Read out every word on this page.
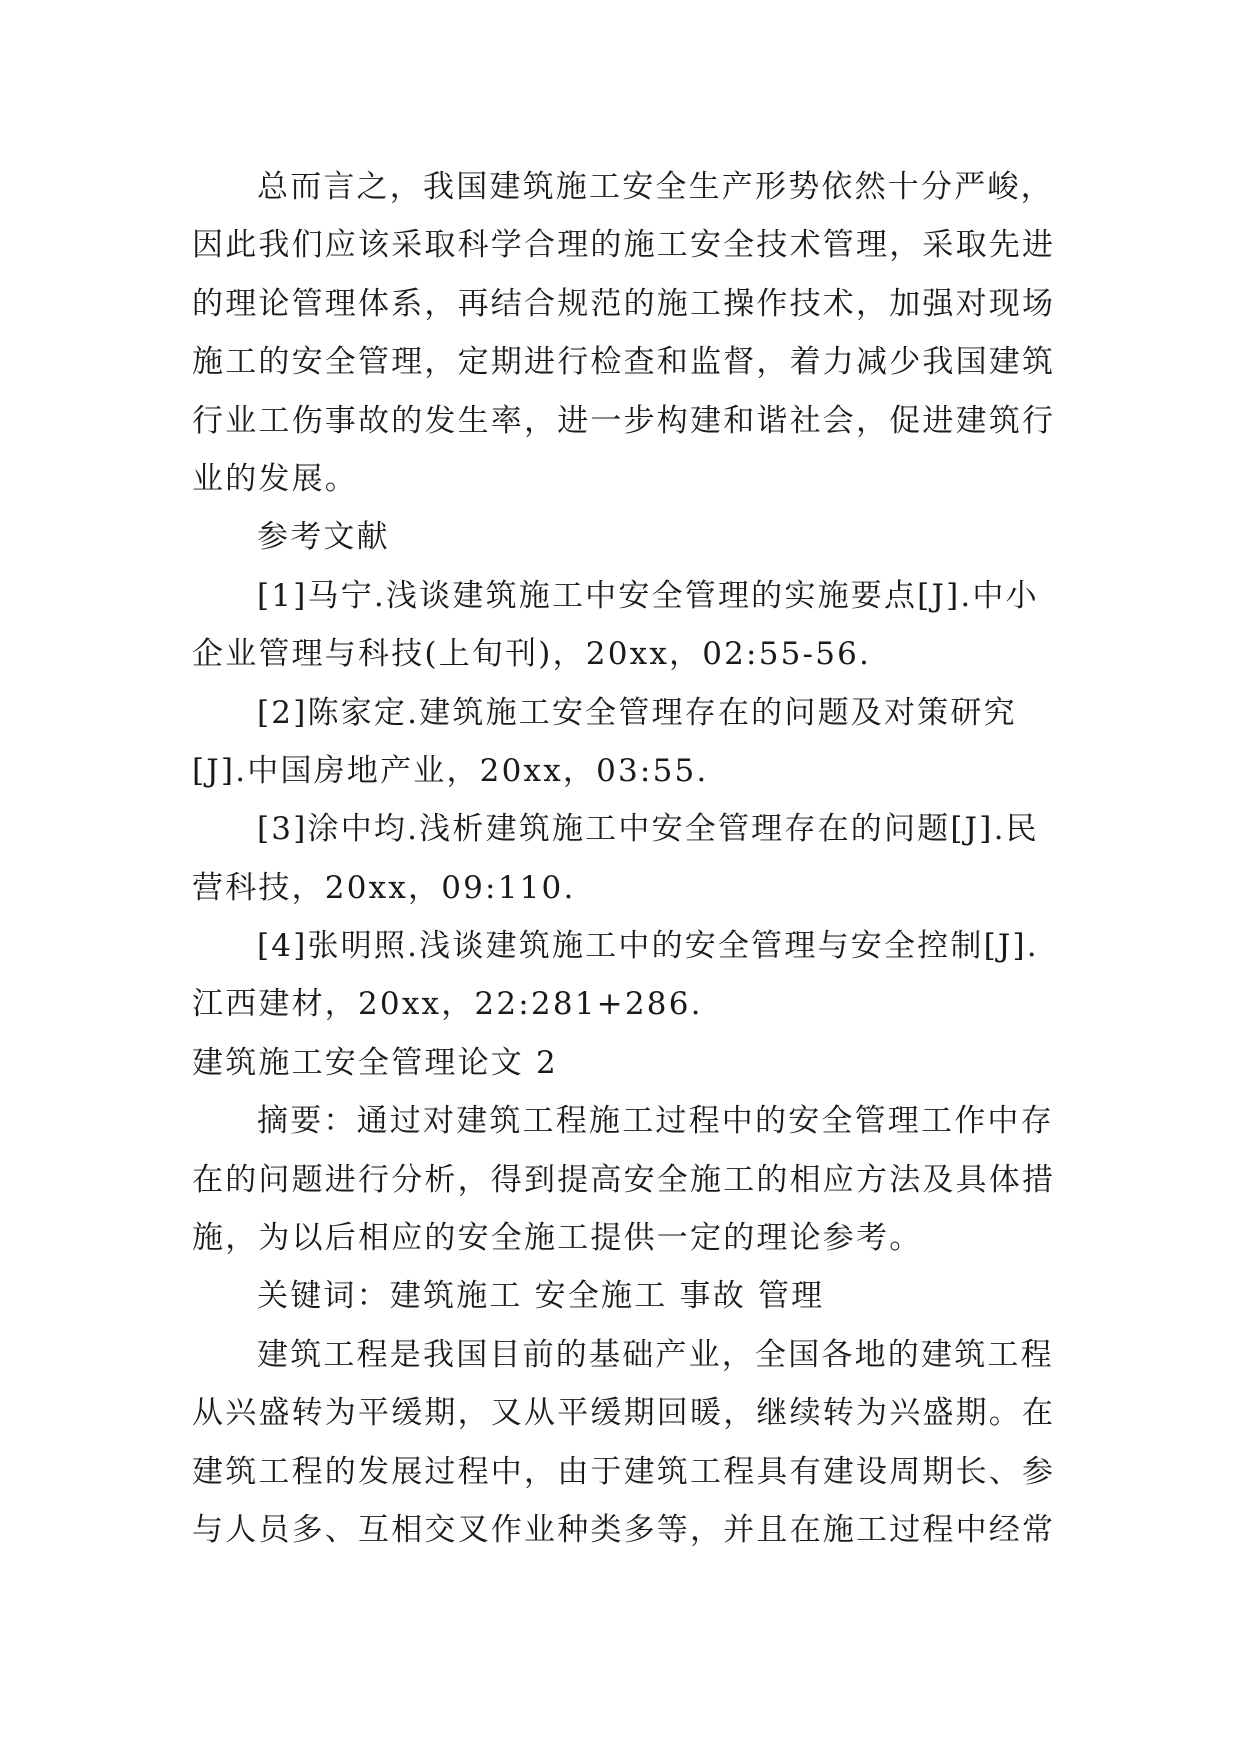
总而言之，我国建筑施工安全生产形势依然十分严峻，
因此我们应该采取科学合理的施工安全技术管理，采取先进
的理论管理体系，再结合规范的施工操作技术，加强对现场
施工的安全管理，定期进行检查和监督，着力减少我国建筑
行业工伤事故的发生率，进一步构建和谐社会，促进建筑行
业的发展。
参考文献
[1]马宁.浅谈建筑施工中安全管理的实施要点[J].中小
企业管理与科技(上旬刊)，20xx，02:55-56.
[2]陈家定.建筑施工安全管理存在的问题及对策研究
[J].中国房地产业，20xx，03:55.
[3]涂中均.浅析建筑施工中安全管理存在的问题[J].民
营科技，20xx，09:110.
[4]张明照.浅谈建筑施工中的安全管理与安全控制[J].
江西建材，20xx，22:281+286.
建筑施工安全管理论文 2
摘要：通过对建筑工程施工过程中的安全管理工作中存
在的问题进行分析，得到提高安全施工的相应方法及具体措
施，为以后相应的安全施工提供一定的理论参考。
关键词：建筑施工 安全施工 事故 管理
建筑工程是我国目前的基础产业，全国各地的建筑工程
从兴盛转为平缓期，又从平缓期回暖，继续转为兴盛期。在
建筑工程的发展过程中，由于建筑工程具有建设周期长、参
与人员多、互相交叉作业种类多等，并且在施工过程中经常
